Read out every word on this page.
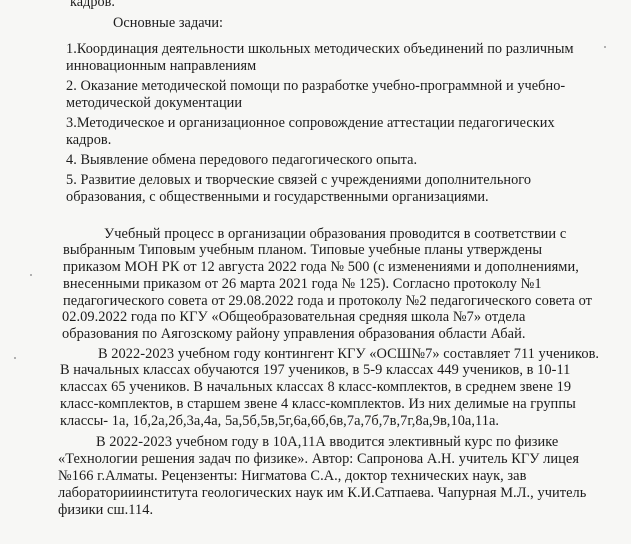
кадров.
Основные задачи:
1.Координация деятельности школьных методических объединений по различным
инновационным направлениям
2. Оказание методической помощи по разработке учебно-программной и учебно-
методической документации
3.Методическое и организационное сопровождение аттестации педагогических
кадров.
4. Выявление обмена передового педагогического опыта.
5. Развитие деловых и творческие связей с учреждениями дополнительного
образования, с общественными и государственными организациями.
Учебный процесс в организации образования проводится в соответствии с
выбранным Типовым учебным планом. Типовые учебные планы утверждены
приказом МОН РК от 12 августа 2022 года № 500 (с изменениями и дополнениями,
внесенными приказом от 26 марта 2021 года № 125). Согласно протоколу №1
педагогического совета от 29.08.2022 года и протоколу №2 педагогического совета от
02.09.2022 года по КГУ «Общеобразовательная средняя школа №7» отдела
образования по Аягозскому району управления образования области Абай.
В 2022-2023 учебном году контингент КГУ «ОСШ№7» составляет 711 учеников.
В начальных классах обучаются 197 учеников, в 5-9 классах 449 учеников, в 10-11
классах 65 учеников. В начальных классах 8 класс-комплектов, в среднем звене 19
класс-комплектов, в старшем звене 4 класс-комплектов. Из них делимые на группы
классы- 1а, 1б,2а,2б,3а,4а, 5а,5б,5в,5г,6а,6б,6в,7а,7б,7в,7г,8а,9в,10а,11а.
В 2022-2023 учебном году в 10А,11А вводится элективный курс по физике
«Технологии решения задач по физике». Автор: Сапронова А.Н. учитель КГУ лицея
№166 г.Алматы. Рецензенты: Нигматова С.А., доктор технических наук, зав
лабораторииинститута геологических наук им К.И.Сатпаева. Чапурная М.Л., учитель
физики сш.114.
